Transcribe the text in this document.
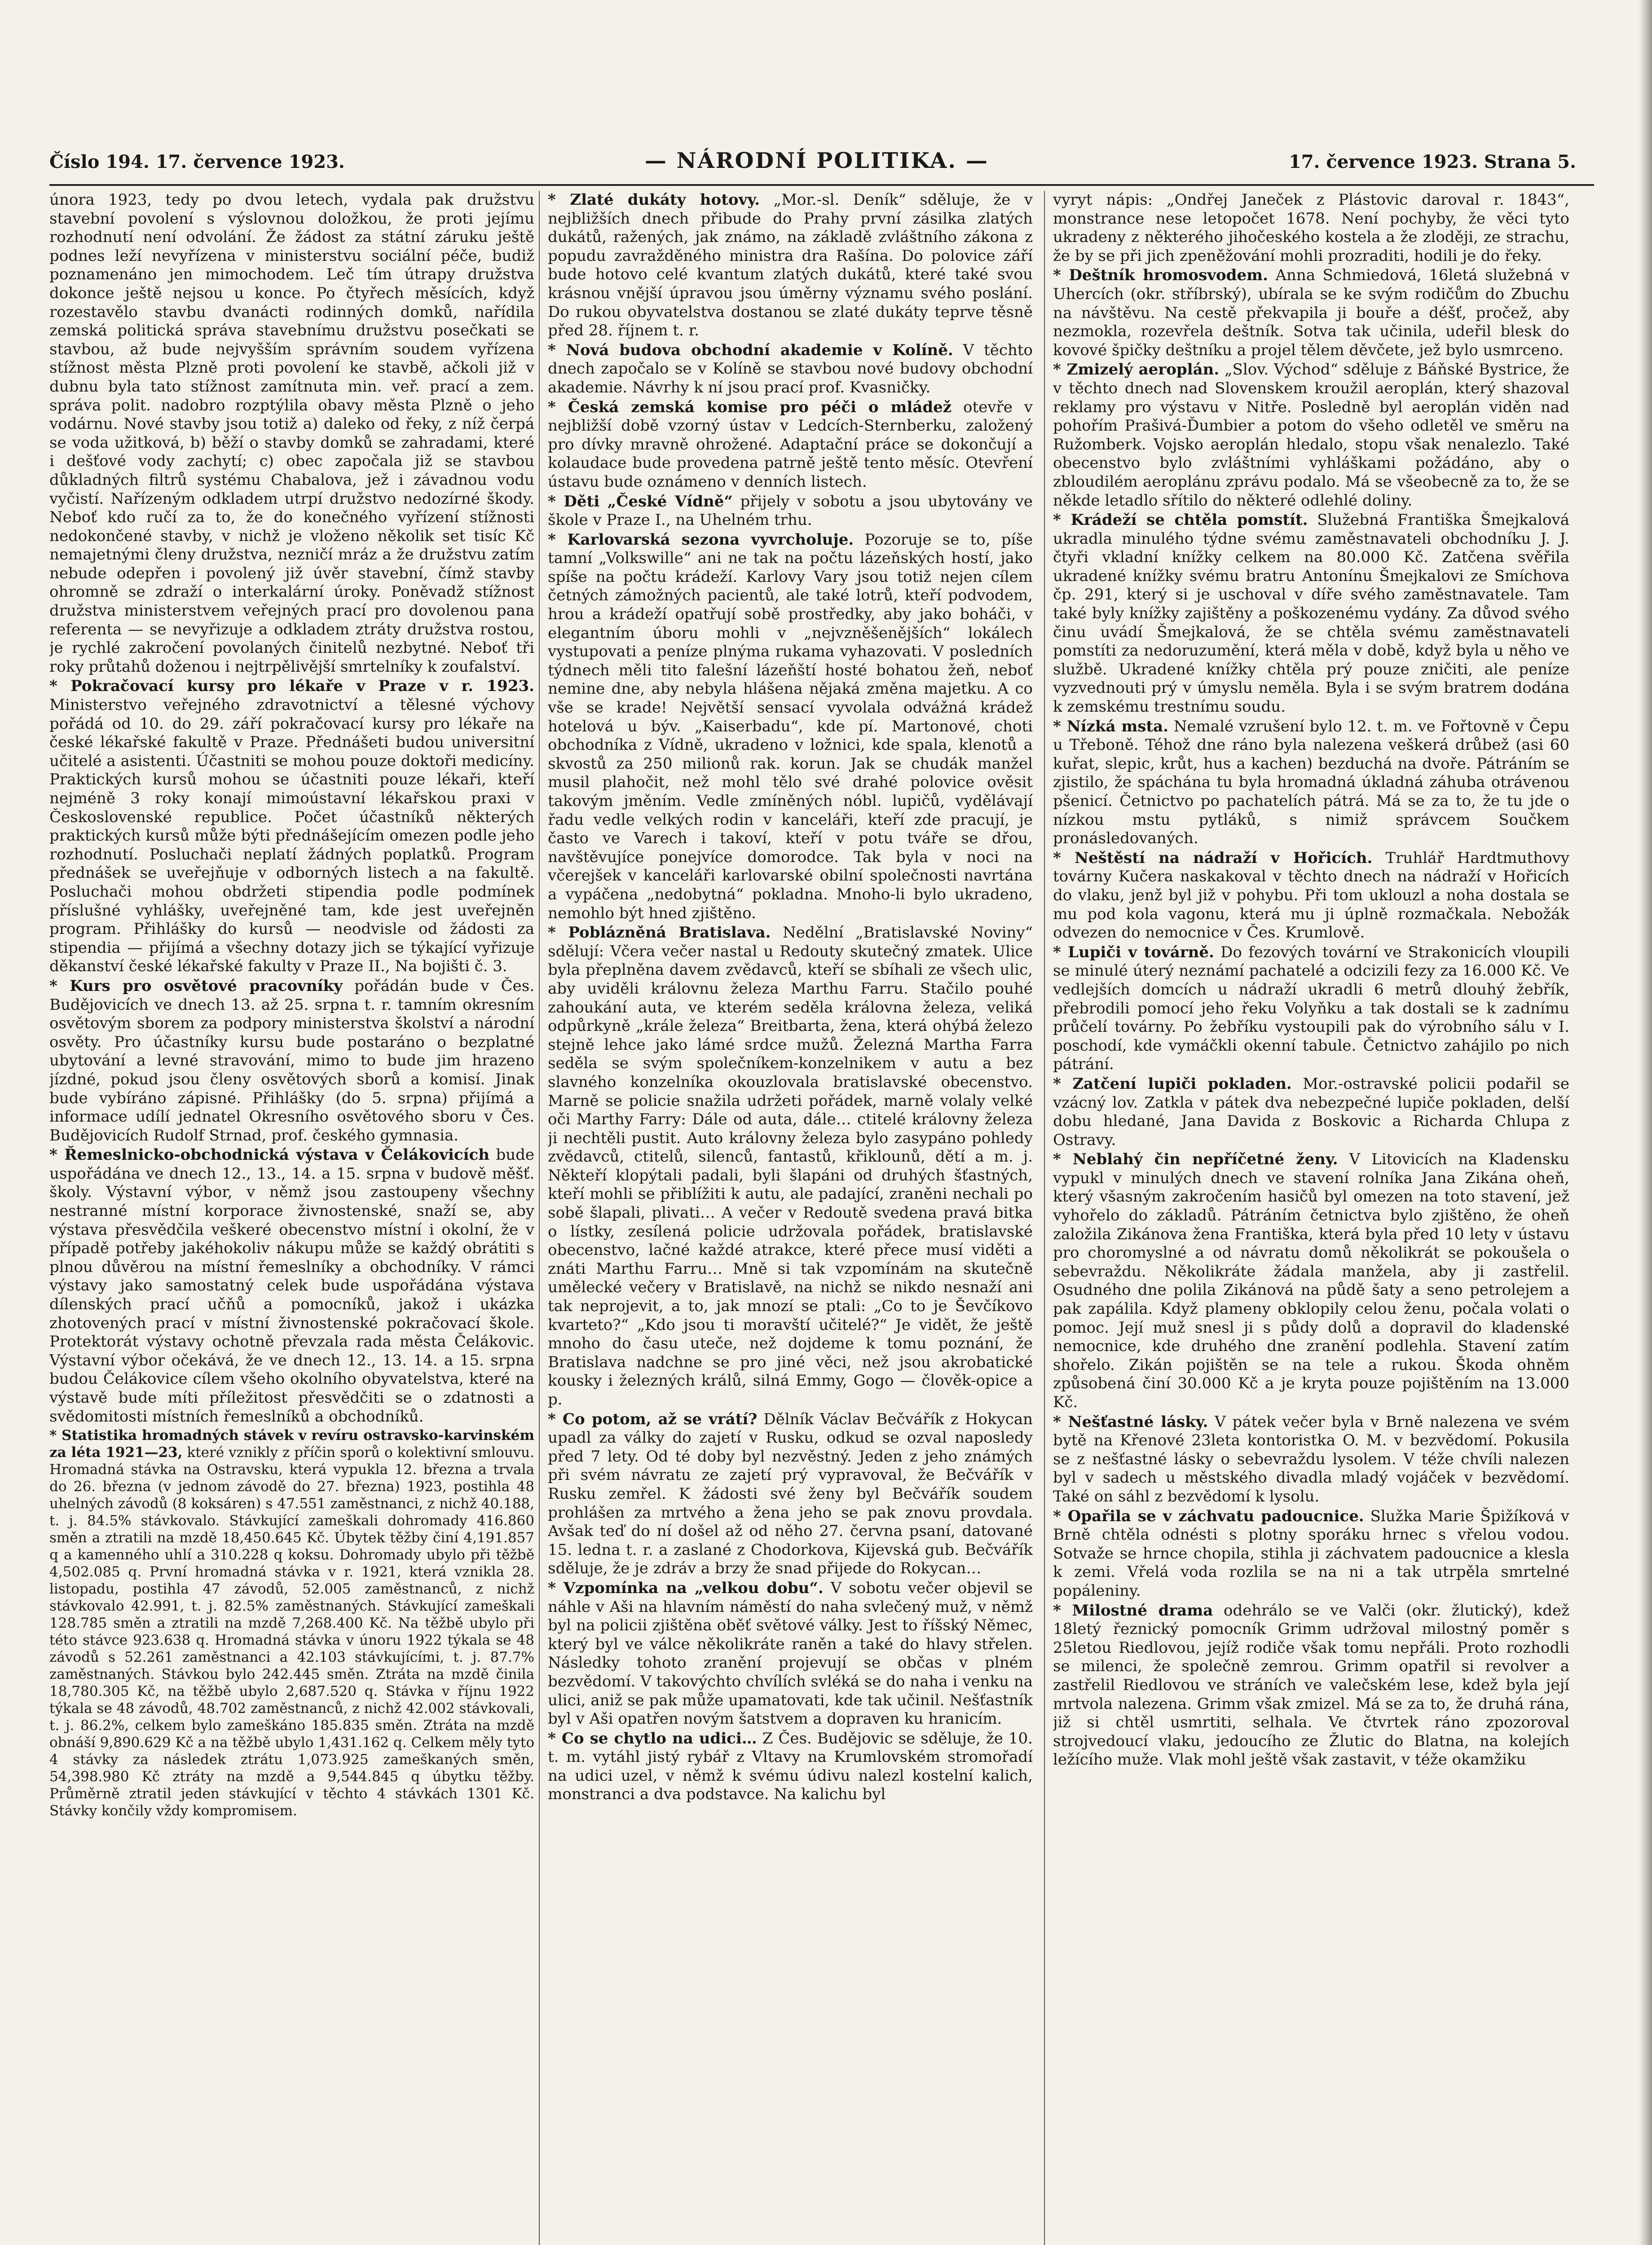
Číslo 194. 17. července 1923.	— NÁRODNÍ POLITIKA. —	17. července 1923. Strana 5.

února 1923, tedy po dvou letech, vydala pak družstvu stavební povolení s výslovnou doložkou, že proti jejímu rozhodnutí není odvolání. Že žádost za státní záruku ještě podnes leží nevyřízena v ministerstvu sociální péče, budiž poznamenáno jen mimochodem. Leč tím útrapy družstva dokonce ještě nejsou u konce. Po čtyřech měsících, když rozestavělo stavbu dvanácti rodinných domků, nařídila zemská politická správa stavebnímu družstvu posečkati se stavbou, až bude nejvyšším správním soudem vyřízena stížnost města Plzně proti povolení ke stavbě, ačkoli již v dubnu byla tato stížnost zamítnuta min. veř. prací a zem. správa polit. nadobro rozptýlila obavy města Plzně o jeho vodárnu. Nové stavby jsou totiž a) daleko od řeky, z níž čerpá se voda užitková, b) běží o stavby domků se zahradami, které i dešťové vody zachytí; c) obec započala již se stavbou důkladných filtrů systému Chabalova, jež i závadnou vodu vyčistí. Nařízeným odkladem utrpí družstvo nedozírné škody. Neboť kdo ručí za to, že do konečného vyřízení stížnosti nedokončené stavby, v nichž je vloženo několik set tisíc Kč nemajetnými členy družstva, nezničí mráz a že družstvu zatím nebude odepřen i povolený již úvěr stavební, čímž stavby ohromně se zdraží o interkalární úroky. Poněvadž stížnost družstva ministerstvem veřejných prací pro dovolenou pana referenta — se nevyřizuje a odkladem ztráty družstva rostou, je rychlé zakročení povolaných činitelů nezbytné. Neboť tři roky průtahů doženou i nejtrpělivější smrtelníky k zoufalství.

* Pokračovací kursy pro lékaře v Praze v r. 1923. Ministerstvo veřejného zdravotnictví a tělesné výchovy pořádá od 10. do 29. září pokračovací kursy pro lékaře na české lékařské fakultě v Praze. Přednášeti budou universitní učitelé a asistenti. Účastniti se mohou pouze doktoři medicíny. Praktických kursů mohou se účastniti pouze lékaři, kteří nejméně 3 roky konají mimoústavní lékařskou praxi v Československé republice. Počet účastníků některých praktických kursů může býti přednášejícím omezen podle jeho rozhodnutí. Posluchači neplatí žádných poplatků. Program přednášek se uveřejňuje v odborných listech a na fakultě. Posluchači mohou obdržeti stipendia podle podmínek příslušné vyhlášky, uveřejněné tam, kde jest uveřejněn program. Přihlášky do kursů — neodvisle od žádosti za stipendia — přijímá a všechny dotazy jich se týkající vyřizuje děkanství české lékařské fakulty v Praze II., Na bojišti č. 3.

* Kurs pro osvětové pracovníky pořádán bude v Čes. Budějovicích ve dnech 13. až 25. srpna t. r. tamním okresním osvětovým sborem za podpory ministerstva školství a národní osvěty. Pro účastníky kursu bude postaráno o bezplatné ubytování a levné stravování, mimo to bude jim hrazeno jízdné, pokud jsou členy osvětových sborů a komisí. Jinak bude vybíráno zápisné. Přihlášky (do 5. srpna) přijímá a informace udílí jednatel Okresního osvětového sboru v Čes. Budějovicích Rudolf Strnad, prof. českého gymnasia.

* Řemeslnicko-obchodnická výstava v Čelákovicích bude uspořádána ve dnech 12., 13., 14. a 15. srpna v budově měšť. školy. Výstavní výbor, v němž jsou zastoupeny všechny nestranné místní korporace živnostenské, snaží se, aby výstava přesvědčila veškeré obecenstvo místní i okolní, že v případě potřeby jakéhokoliv nákupu může se každý obrátiti s plnou důvěrou na místní řemeslníky a obchodníky. V rámci výstavy jako samostatný celek bude uspořádána výstava dílenských prací učňů a pomocníků, jakož i ukázka zhotovených prací v místní živnostenské pokračovací škole. Protektorát výstavy ochotně převzala rada města Čelákovic. Výstavní výbor očekává, že ve dnech 12., 13. 14. a 15. srpna budou Čelákovice cílem všeho okolního obyvatelstva, které na výstavě bude míti příležitost přesvědčiti se o zdatnosti a svědomitosti místních řemeslníků a obchodníků.

* Statistika hromadných stávek v revíru ostravsko-karvinském za léta 1921—23, které vznikly z příčin sporů o kolektivní smlouvu. Hromadná stávka na Ostravsku, která vypukla 12. března a trvala do 26. března (v jednom závodě do 27. března) 1923, postihla 48 uhelných závodů (8 koksáren) s 47.551 zaměstnanci, z nichž 40.188, t. j. 84.5% stávkovalo. Stávkující zameškali dohromady 416.860 směn a ztratili na mzdě 18,450.645 Kč. Úbytek těžby činí 4,191.857 q a kamenného uhlí a 310.228 q koksu. Dohromady ubylo při těžbě 4,502.085 q. První hromadná stávka v r. 1921, která vznikla 28. listopadu, postihla 47 závodů, 52.005 zaměstnanců, z nichž stávkovalo 42.991, t. j. 82.5% zaměstnaných. Stávkující zameškali 128.785 směn a ztratili na mzdě 7,268.400 Kč. Na těžbě ubylo při této stávce 923.638 q. Hromadná stávka v únoru 1922 týkala se 48 závodů s 52.261 zaměstnanci a 42.103 stávkujícími, t. j. 87.7% zaměstnaných. Stávkou bylo 242.445 směn. Ztráta na mzdě činila 18,780.305 Kč, na těžbě ubylo 2,687.520 q. Stávka v říjnu 1922 týkala se 48 závodů, 48.702 zaměstnanců, z nichž 42.002 stávkovali, t. j. 86.2%, celkem bylo zameškáno 185.835 směn. Ztráta na mzdě obnáší 9,890.629 Kč a na těžbě ubylo 1,431.162 q. Celkem měly tyto 4 stávky za následek ztrátu 1,073.925 zameškaných směn, 54,398.980 Kč ztráty na mzdě a 9,544.845 q úbytku těžby. Průměrně ztratil jeden stávkující v těchto 4 stávkách 1301 Kč. Stávky končily vždy kompromisem.

* Zlaté dukáty hotovy. „Mor.-sl. Deník“ sděluje, že v nejbližších dnech přibude do Prahy první zásilka zlatých dukátů, ražených, jak známo, na základě zvláštního zákona z popudu zavražděného ministra dra Rašína. Do polovice září bude hotovo celé kvantum zlatých dukátů, které také svou krásnou vnější úpravou jsou úměrny významu svého poslání. Do rukou obyvatelstva dostanou se zlaté dukáty teprve těsně před 28. říjnem t. r.

* Nová budova obchodní akademie v Kolíně. V těchto dnech započalo se v Kolíně se stavbou nové budovy obchodní akademie. Návrhy k ní jsou prací prof. Kvasničky.

* Česká zemská komise pro péči o mládež otevře v nejbližší době vzorný ústav v Ledcích-Sternberku, založený pro dívky mravně ohrožené. Adaptační práce se dokončují a kolaudace bude provedena patrně ještě tento měsíc. Otevření ústavu bude oznámeno v denních listech.

* Děti „České Vídně“ přijely v sobotu a jsou ubytovány ve škole v Praze I., na Uhelném trhu.

* Karlovarská sezona vyvrcholuje. Pozoruje se to, píše tamní „Volkswille“ ani ne tak na počtu lázeňských hostí, jako spíše na počtu krádeží. Karlovy Vary jsou totiž nejen cílem četných zámožných pacientů, ale také lotrů, kteří podvodem, hrou a krádeží opatřují sobě prostředky, aby jako boháči, v elegantním úboru mohli v „nejvzněšenějších“ lokálech vystupovati a peníze plnýma rukama vyhazovati. V posledních týdnech měli tito falešní lázeňští hosté bohatou žeň, neboť nemine dne, aby nebyla hlášena nějaká změna majetku. A co vše se krade! Největší sensací vyvolala odvážná krádež hotelová u býv. „Kaiserbadu“, kde pí. Martonové, choti obchodníka z Vídně, ukradeno v ložnici, kde spala, klenotů a skvostů za 250 milionů rak. korun. Jak se chudák manžel musil plahočit, než mohl tělo své drahé polovice ověsit takovým jměním. Vedle zmíněných nóbl. lupičů, vydělávají řadu vedle velkých rodin v kanceláři, kteří zde pracují, je často ve Varech i takoví, kteří v potu tváře se dřou, navštěvujíce ponejvíce domorodce. Tak byla v noci na včerejšek v kanceláři karlovarské obilní společnosti navrtána a vypáčena „nedobytná“ pokladna. Mnoho-li bylo ukradeno, nemohlo být hned zjištěno.

* Poblázněná Bratislava. Nedělní „Bratislavské Noviny“ sdělují: Včera večer nastal u Redouty skutečný zmatek. Ulice byla přeplněna davem zvědavců, kteří se sbíhali ze všech ulic, aby uviděli královnu železa Marthu Farru. Stačilo pouhé zahoukání auta, ve kterém seděla královna železa, veliká odpůrkyně „krále železa“ Breitbarta, žena, která ohýbá železo stejně lehce jako lámé srdce mužů. Železná Martha Farra seděla se svým společníkem-konzelnikem v autu a bez slavného konzelníka okouzlovala bratislavské obecenstvo. Marně se policie snažila udržeti pořádek, marně volaly velké oči Marthy Farry: Dále od auta, dále… ctitelé královny železa ji nechtěli pustit. Auto královny železa bylo zasypáno pohledy zvědavců, ctitelů, silenců, fantastů, křiklounů, dětí a m. j. Někteří klopýtali padali, byli šlapáni od druhých šťastných, kteří mohli se přiblížiti k autu, ale padající, zraněni nechali po sobě šlapali, plivati… A večer v Redoutě svedena pravá bitka o lístky, zesílená policie udržovala pořádek, bratislavské obecenstvo, lačné každé atrakce, které přece musí viděti a znáti Marthu Farru… Mně si tak vzpomínám na skutečně umělecké večery v Bratislavě, na nichž se nikdo nesnaží ani tak neprojevit, a to, jak mnozí se ptali: „Co to je Ševčíkovo kvarteto?“ „Kdo jsou ti moravští učitelé?“ Je vidět, že ještě mnoho do času uteče, než dojdeme k tomu poznání, že Bratislava nadchne se pro jiné věci, než jsou akrobatické kousky i železných králů, silná Emmy, Gogo — člověk-opice a p.

* Co potom, až se vrátí? Dělník Václav Bečvářík z Hokycan upadl za války do zajetí v Rusku, odkud se ozval naposledy před 7 lety. Od té doby byl nezvěstný. Jeden z jeho známých při svém návratu ze zajetí prý vypravoval, že Bečvářík v Rusku zemřel. K žádosti své ženy byl Bečvářík soudem prohlášen za mrtvého a žena jeho se pak znovu provdala. Avšak teď do ní došel až od něho 27. června psaní, datované 15. ledna t. r. a zaslané z Chodorkova, Kijevská gub. Bečvářík sděluje, že je zdráv a brzy že snad přijede do Rokycan…

* Vzpomínka na „velkou dobu“. V sobotu večer objevil se náhle v Aši na hlavním náměstí do naha svlečený muž, v němž byl na policii zjištěna oběť světové války. Jest to říšský Němec, který byl ve válce několikráte raněn a také do hlavy střelen. Následky tohoto zranění projevují se občas v plném bezvědomí. V takovýchto chvílích svléká se do naha i venku na ulici, aniž se pak může upamatovati, kde tak učinil. Nešťastník byl v Aši opatřen novým šatstvem a dopraven ku hranicím.

* Co se chytlo na udici… Z Čes. Budějovic se sděluje, že 10. t. m. vytáhl jistý rybář z Vltavy na Krumlovském stromořadí na udici uzel, v němž k svému údivu nalezl kostelní kalich, monstranci a dva podstavce. Na kalichu byl

vyryt nápis: „Ondřej Janeček z Plástovic daroval r. 1843“, monstrance nese letopočet 1678. Není pochyby, že věci tyto ukradeny z některého jihočeského kostela a že zloději, ze strachu, že by se při jich zpeněžování mohli prozraditi, hodili je do řeky.

* Deštník hromosvodem. Anna Schmiedová, 16letá služebná v Uhercích (okr. stříbrský), ubírala se ke svým rodičům do Zbuchu na návštěvu. Na cestě překvapila ji bouře a déšť, pročež, aby nezmokla, rozevřela deštník. Sotva tak učinila, udeřil blesk do kovové špičky deštníku a projel tělem děvčete, jež bylo usmrceno.

* Zmizelý aeroplán. „Slov. Východ“ sděluje z Báňské Bystrice, že v těchto dnech nad Slovenskem kroužil aeroplán, který shazoval reklamy pro výstavu v Nitře. Posledně byl aeroplán viděn nad pohořím Prašivá-Ďumbier a potom do všeho odletěl ve směru na Ružomberk. Vojsko aeroplán hledalo, stopu však nenalezlo. Také obecenstvo bylo zvláštními vyhláškami požádáno, aby o zbloudilém aeroplánu zprávu podalo. Má se všeobecně za to, že se někde letadlo sřítilo do některé odlehlé doliny.

* Krádeží se chtěla pomstít. Služebná Františka Šmejkalová ukradla minulého týdne svému zaměstnavateli obchodníku J. J. čtyři vkladní knížky celkem na 80.000 Kč. Zatčena svěřila ukradené knížky svému bratru Antonínu Šmejkalovi ze Smíchova čp. 291, který si je uschoval v díře svého zaměstnavatele. Tam také byly knížky zajištěny a poškozenému vydány. Za důvod svého činu uvádí Šmejkalová, že se chtěla svému zaměstnavateli pomstíti za nedoruzumění, která měla v době, když byla u něho ve službě. Ukradené knížky chtěla prý pouze zničiti, ale peníze vyzvednouti prý v úmyslu neměla. Byla i se svým bratrem dodána k zemskému trestnímu soudu.

* Nízká msta. Nemalé vzrušení bylo 12. t. m. ve Fořtovně v Čepu u Třeboně. Téhož dne ráno byla nalezena veškerá drůbež (asi 60 kuřat, slepic, krůt, hus a kachen) bezduchá na dvoře. Pátráním se zjistilo, že spáchána tu byla hromadná úkladná záhuba otrávenou pšenicí. Četnictvo po pachatelích pátrá. Má se za to, že tu jde o nízkou mstu pytláků, s nimiž správcem Součkem pronásledovaných.

* Neštěstí na nádraží v Hořicích. Truhlář Hardtmuthovy továrny Kučera naskakoval v těchto dnech na nádraží v Hořicích do vlaku, jenž byl již v pohybu. Při tom uklouzl a noha dostala se mu pod kola vagonu, která mu ji úplně rozmačkala. Nebožák odvezen do nemocnice v Čes. Krumlově.

* Lupiči v továrně. Do fezových tovární ve Strakonicích vloupili se minulé úterý neznámí pachatelé a odcizili fezy za 16.000 Kč. Ve vedlejších domcích u nádraží ukradli 6 metrů dlouhý žebřík, přebrodili pomocí jeho řeku Volyňku a tak dostali se k zadnímu průčelí továrny. Po žebříku vystoupili pak do výrobního sálu v I. poschodí, kde vymáčkli okenní tabule. Četnictvo zahájilo po nich pátrání.

* Zatčení lupiči pokladen. Mor.-ostravské policii podařil se vzácný lov. Zatkla v pátek dva nebezpečné lupiče pokladen, delší dobu hledané, Jana Davida z Boskovic a Richarda Chlupa z Ostravy.

* Neblahý čin nepříčetné ženy. V Litovicích na Kladensku vypukl v minulých dnech ve stavení rolníka Jana Zikána oheň, který všasným zakročením hasičů byl omezen na toto stavení, jež vyhořelo do základů. Pátráním četnictva bylo zjištěno, že oheň založila Zikánova žena Františka, která byla před 10 lety v ústavu pro choromyslné a od návratu domů několikrát se pokoušela o sebevraždu. Několikráte žádala manžela, aby ji zastřelil. Osudného dne polila Zikánová na půdě šaty a seno petrolejem a pak zapálila. Když plameny obklopily celou ženu, počala volati o pomoc. Její muž snesl ji s půdy dolů a dopravil do kladenské nemocnice, kde druhého dne zranění podlehla. Stavení zatím shořelo. Zikán pojištěn se na tele a rukou. Škoda ohněm způsobená činí 30.000 Kč a je kryta pouze pojištěním na 13.000 Kč.

* Nešťastné lásky. V pátek večer byla v Brně nalezena ve svém bytě na Křenové 23leta kontoristka O. M. v bezvědomí. Pokusila se z nešťastné lásky o sebevraždu lysolem. V téže chvíli nalezen byl v sadech u městského divadla mladý vojáček v bezvědomí. Také on sáhl z bezvědomí k lysolu.

* Opařila se v záchvatu padoucnice. Služka Marie Špižíková v Brně chtěla odnésti s plotny sporáku hrnec s vřelou vodou. Sotvaže se hrnce chopila, stihla ji záchvatem padoucnice a klesla k zemi. Vřelá voda rozlila se na ni a tak utrpěla smrtelné popáleniny.

* Milostné drama odehrálo se ve Valči (okr. žlutický), kdež 18letý řeznický pomocník Grimm udržoval milostný poměr s 25letou Riedlovou, jejíž rodiče však tomu nepřáli. Proto rozhodli se milenci, že společně zemrou. Grimm opatřil si revolver a zastřelil Riedlovou ve stráních ve valečském lese, kdež byla její mrtvola nalezena. Grimm však zmizel. Má se za to, že druhá rána, již si chtěl usmrtiti, selhala. Ve čtvrtek ráno zpozoroval strojvedoucí vlaku, jedoucího ze Žlutic do Blatna, na kolejích ležícího muže. Vlak mohl ještě však zastavit, v téže okamžiku
